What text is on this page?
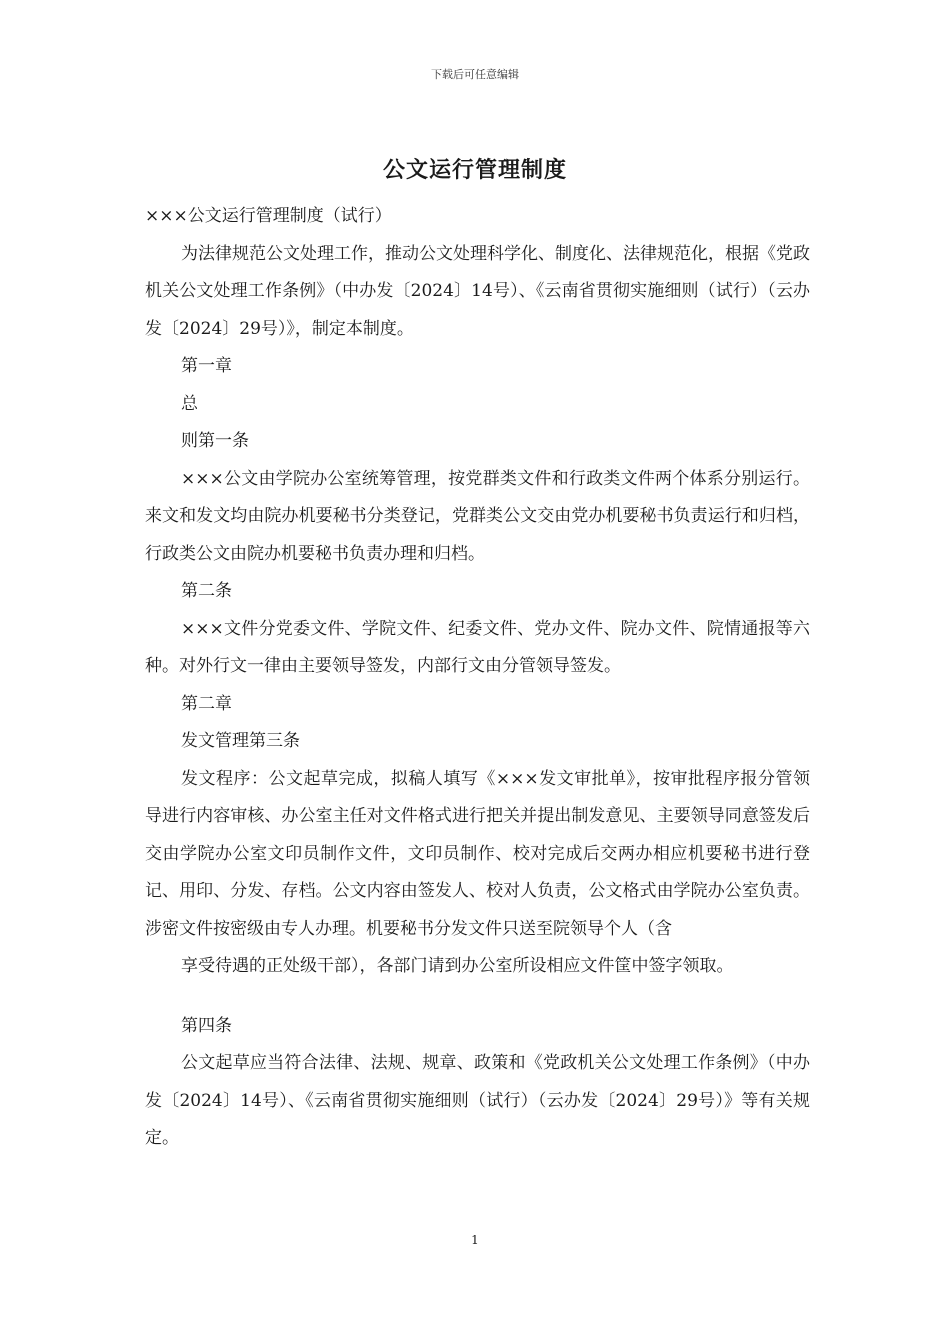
下载后可任意编辑
公文运行管理制度

×××公文运行管理制度（试行）

为法律规范公文处理工作，推动公文处理科学化、制度化、法律规范化，根据《党政机关公文处理工作条例》（中办发〔2024〕14号）、《云南省贯彻实施细则（试行）（云办发〔2024〕29号）》，制定本制度。

第一章

总

则第一条

×××公文由学院办公室统筹管理，按党群类文件和行政类文件两个体系分别运行。来文和发文均由院办机要秘书分类登记，党群类公文交由党办机要秘书负责运行和归档，行政类公文由院办机要秘书负责办理和归档。

第二条

×××文件分党委文件、学院文件、纪委文件、党办文件、院办文件、院情通报等六种。对外行文一律由主要领导签发，内部行文由分管领导签发。

第二章

发文管理第三条

发文程序：公文起草完成，拟稿人填写《×××发文审批单》，按审批程序报分管领导进行内容审核、办公室主任对文件格式进行把关并提出制发意见、主要领导同意签发后交由学院办公室文印员制作文件，文印员制作、校对完成后交两办相应机要秘书进行登记、用印、分发、存档。公文内容由签发人、校对人负责，公文格式由学院办公室负责。涉密文件按密级由专人办理。机要秘书分发文件只送至院领导个人（含

享受待遇的正处级干部），各部门请到办公室所设相应文件筐中签字领取。

第四条

公文起草应当符合法律、法规、规章、政策和《党政机关公文处理工作条例》（中办发〔2024〕14号）、《云南省贯彻实施细则（试行）（云办发〔2024〕29号）》等有关规定。

1
